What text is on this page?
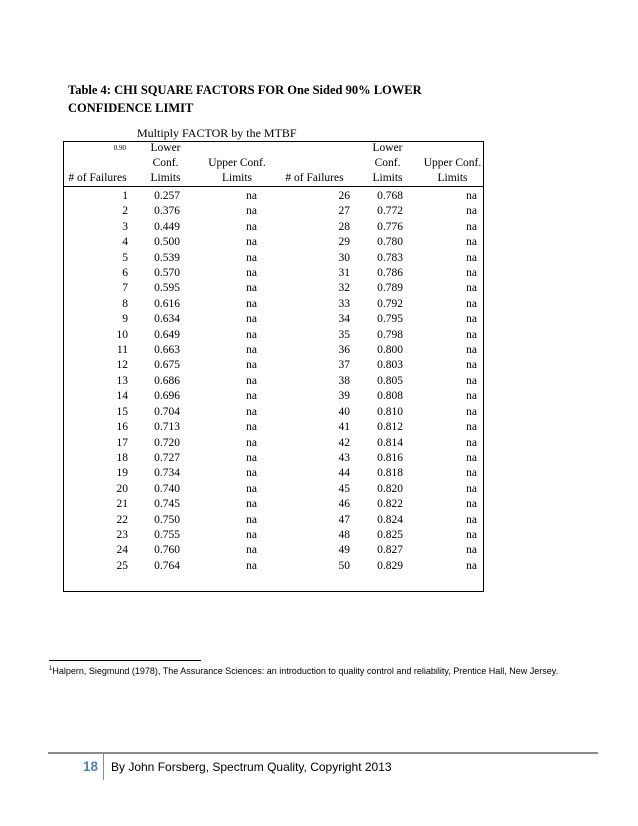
Table 4: CHI SQUARE FACTORS FOR One Sided 90% LOWER
CONFIDENCE LIMIT
Multiply FACTOR by the MTBF
0.90	Lower			Lower	

	Conf.	Upper Conf.		Conf.	Upper Conf.
# of Failures	Limits	Limits	# of Failures	Limits	Limits
1	0.257	na	26	0.768	na
2	0.376	na	27	0.772	na
3	0.449	na	28	0.776	na
4	0.500	na	29	0.780	na
5	0.539	na	30	0.783	na
6	0.570	na	31	0.786	na
7	0.595	na	32	0.789	na
8	0.616	na	33	0.792	na
9	0.634	na	34	0.795	na
10	0.649	na	35	0.798	na
11	0.663	na	36	0.800	na
12	0.675	na	37	0.803	na
13	0.686	na	38	0.805	na
14	0.696	na	39	0.808	na
15	0.704	na	40	0.810	na
16	0.713	na	41	0.812	na
17	0.720	na	42	0.814	na
18	0.727	na	43	0.816	na
19	0.734	na	44	0.818	na
20	0.740	na	45	0.820	na
21	0.745	na	46	0.822	na
22	0.750	na	47	0.824	na
23	0.755	na	48	0.825	na
24	0.760	na	49	0.827	na
25	0.764	na	50	0.829	na
$^1$Halpern, Siegmund (1978), The Assurance Sciences: an introduction to quality control and reliability, Prentice Hall, New Jersey.
18 By John Forsberg, Spectrum Quality, Copyright 2013
